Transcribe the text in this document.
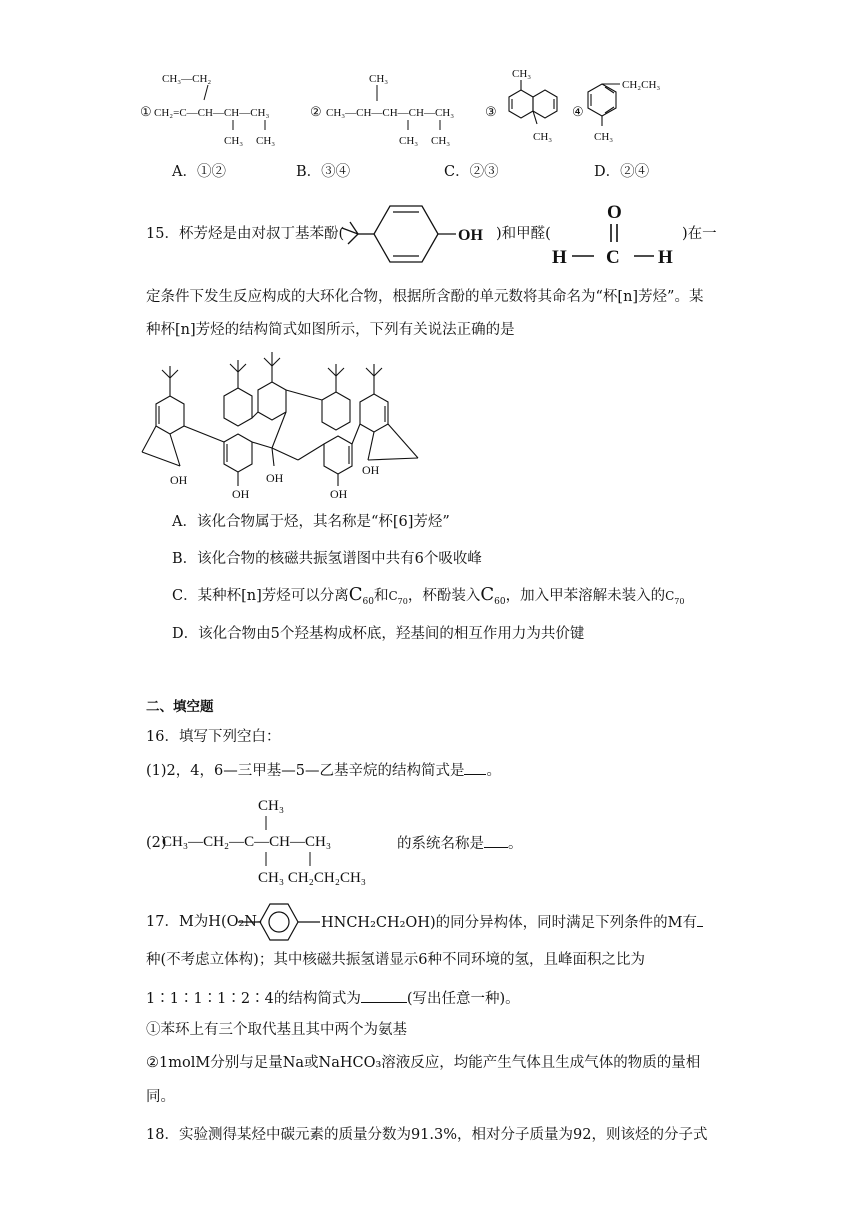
①
CH₃—CH₂
CH₂=C—CH—CH—CH₃
CH₃ CH₃
②
CH₃
CH₃—CH—CH—CH—CH₃
CH₃ CH₃
③
CH₃
CH₃
④
CH₂CH₃
CH₃
A．①②	B．③④	C．②③	D．②④
15．杯芳烃是由对叔丁基苯酚(	OH )和甲醛(
O
H C H
)在一
定条件下发生反应构成的大环化合物，根据所含酚的单元数将其命名为“杯[n]芳烃”。某
种杯[n]芳烃的结构简式如图所示，下列有关说法正确的是
OH
OH
OH
OH
OH
A．该化合物属于烃，其名称是“杯[6]芳烃”
B．该化合物的核磁共振氢谱图中共有6个吸收峰
C．某种杯[n]芳烃可以分离$C_{60}$和$C_{70}$，杯酚装入$C_{60}$，加入甲苯溶解未装入的$C_{70}$
D．该化合物由5个羟基构成杯底，羟基间的相互作用力为共价键
二、填空题
16．填写下列空白：
(1)2，4，6—三甲基—5—乙基辛烷的结构简式是 。
(2)
CH₃
CH₃—CH₂—C—CH—CH₃
CH₃ CH₂CH₂CH₃
的系统名称是 。
17．M为H(O₂N-	HNCH₂CH₂OH)的同分异构体，同时满足下列条件的M有
种(不考虑立体构)；其中核磁共振氢谱显示6种不同环境的氢，且峰面积之比为
1∶1∶1∶1∶2∶4的结构简式为	(写出任意一种)。
①苯环上有三个取代基且其中两个为氨基
②1molM分别与足量Na或NaHCO₃溶液反应，均能产生气体且生成气体的物质的量相
同。
18．实验测得某烃中碳元素的质量分数为91.3%，相对分子质量为92，则该烃的分子式
